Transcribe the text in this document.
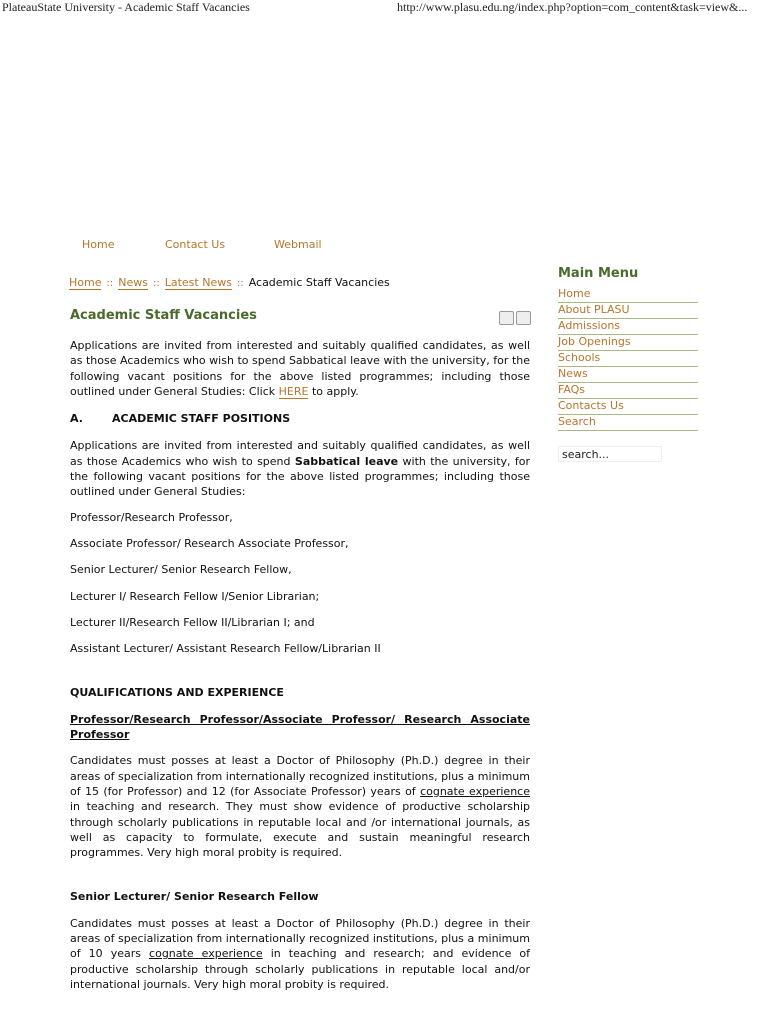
PlateauState University - Academic Staff Vacancies	http://www.plasu.edu.ng/index.php?option=com_content&task=view&...
Home	Contact Us	Webmail
Home :: News :: Latest News :: Academic Staff Vacancies
Academic Staff Vacancies

Applications are invited from interested and suitably qualified candidates, as well as those Academics who wish to spend Sabbatical leave with the university, for the following vacant positions for the above listed programmes; including those outlined under General Studies: Click HERE to apply.

A.	ACADEMIC STAFF POSITIONS

Applications are invited from interested and suitably qualified candidates, as well as those Academics who wish to spend Sabbatical leave with the university, for the following vacant positions for the above listed programmes; including those outlined under General Studies:

Professor/Research Professor,

Associate Professor/ Research Associate Professor,

Senior Lecturer/ Senior Research Fellow,

Lecturer I/ Research Fellow I/Senior Librarian;

Lecturer II/Research Fellow II/Librarian I; and

Assistant Lecturer/ Assistant Research Fellow/Librarian II

QUALIFICATIONS AND EXPERIENCE

Professor/Research Professor/Associate Professor/ Research Associate Professor

Candidates must posses at least a Doctor of Philosophy (Ph.D.) degree in their areas of specialization from internationally recognized institutions, plus a minimum of 15 (for Professor) and 12 (for Associate Professor) years of cognate experience in teaching and research. They must show evidence of productive scholarship through scholarly publications in reputable local and /or international journals, as well as capacity to formulate, execute and sustain meaningful research programmes. Very high moral probity is required.

Senior Lecturer/ Senior Research Fellow

Candidates must posses at least a Doctor of Philosophy (Ph.D.) degree in their areas of specialization from internationally recognized institutions, plus a minimum of 10 years cognate experience in teaching and research; and evidence of productive scholarship through scholarly publications in reputable local and/or international journals. Very high moral probity is required.

Main Menu
Home
About PLASU
Admissions
Job Openings
Schools
News
FAQs
Contacts Us
Search
search...
